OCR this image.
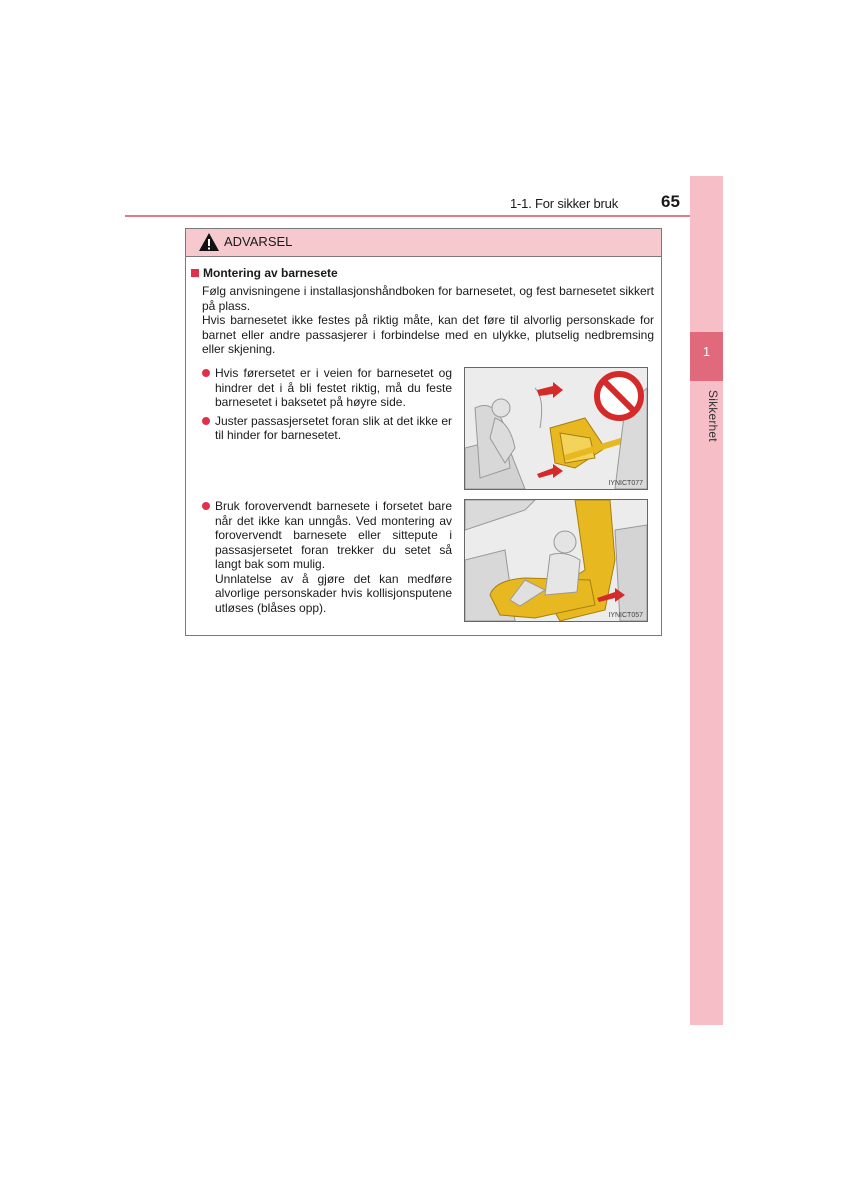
1-1. For sikker bruk	65
1
Sikkerhet
ADVARSEL
Montering av barnesete

Følg anvisningene i installasjonshåndboken for barnesetet, og fest barnesetet sikkert på plass.

Hvis barnesetet ikke festes på riktig måte, kan det føre til alvorlig personskade for barnet eller andre passasjerer i forbindelse med en ulykke, plutselig nedbremsing eller skjening.

Hvis førersetet er i veien for barnesetet og hindrer det i å bli festet riktig, må du feste barnesetet i baksetet på høyre side.

Juster passasjersetet foran slik at det ikke er til hinder for barnesetet.

IYNICT077

Bruk forovervendt barnesete i forsetet bare når det ikke kan unngås. Ved montering av forovervendt barnesete eller sittepute i passasjersetet foran trekker du setet så langt bak som mulig.

Unnlatelse av å gjøre det kan medføre alvorlige personskader hvis kollisjonsputene utløses (blåses opp).

IYNICT057
